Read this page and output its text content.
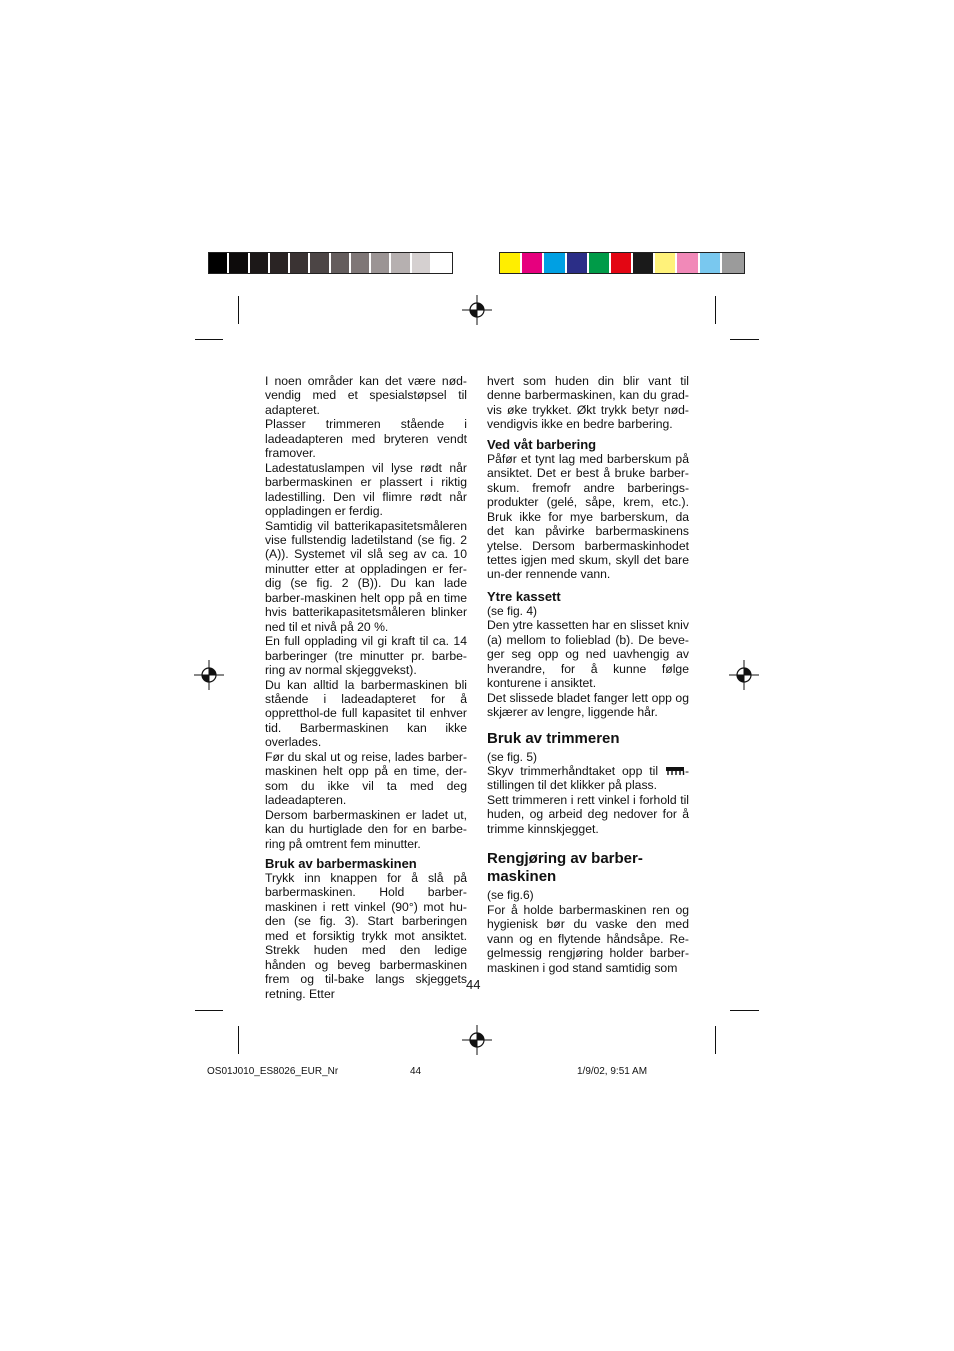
I noen områder kan det være nød-vendig med et spesialstøpsel til adapteret.

Plasser trimmeren stående i ladeadapteren med bryteren vendt framover.

Ladestatuslampen vil lyse rødt når barbermaskinen er plassert i riktig ladestilling. Den vil flimre rødt når oppladingen er ferdig.

Samtidig vil batterikapasitetsmåleren vise fullstendig ladetilstand (se fig. 2 (A)). Systemet vil slå seg av ca. 10 minutter etter at oppladingen er fer-dig (se fig. 2 (B)). Du kan lade barber-maskinen helt opp på en time hvis batterikapasitetsmåleren blinker ned til et nivå på 20 %.

En full opplading vil gi kraft til ca. 14 barberinger (tre minutter pr. barbe-ring av normal skjeggvekst).

Du kan alltid la barbermaskinen bli stående i ladeadapteret for å oppretthol-de full kapasitet til enhver tid. Barbermaskinen kan ikke overlades.

Før du skal ut og reise, lades barber-maskinen helt opp på en time, der-som du ikke vil ta med deg ladeadapteren.

Dersom barbermaskinen er ladet ut, kan du hurtiglade den for en barbe-ring på omtrent fem minutter.

Bruk av barbermaskinen

Trykk inn knappen for å slå på barbermaskinen. Hold barber-maskinen i rett vinkel (90°) mot hu-den (se fig. 3). Start barberingen med et forsiktig trykk mot ansiktet. Strekk huden med den ledige hånden og beveg barbermaskinen frem og til-bake langs skjeggets retning. Etter

hvert som huden din blir vant til denne barbermaskinen, kan du grad-vis øke trykket. Økt trykk betyr nød-vendigvis ikke en bedre barbering.

Ved våt barbering

Påfør et tynt lag med barberskum på ansiktet. Det er best å bruke barber-skum. fremofr andre barberings-produkter (gelé, såpe, krem, etc.). Bruk ikke for mye barberskum, da det kan påvirke barbermaskinens ytelse. Dersom barbermaskinhodet tettes igjen med skum, skyll det bare un-der rennende vann.

Ytre kassett

(se fig. 4)

Den ytre kassetten har en slisset kniv (a) mellom to folieblad (b). De beve-ger seg opp og ned uavhengig av hverandre, for å kunne følge konturene i ansiktet.

Det slissede bladet fanger lett opp og skjærer av lengre, liggende hår.

Bruk av trimmeren

(se fig. 5)

Skyv trimmerhåndtaket opp til -stillingen til det klikker på plass.

Sett trimmeren i rett vinkel i forhold til huden, og arbeid deg nedover for å trimme kinnskjegget.

Rengjøring av barber-
maskinen

(se fig.6)

For å holde barbermaskinen ren og hygienisk bør du vaske den med vann og en flytende håndsåpe. Re-gelmessig rengjøring holder barber-maskinen i god stand samtidig som

44
OS01J010_ES8026_EUR_Nr	44	1/9/02, 9:51 AM
